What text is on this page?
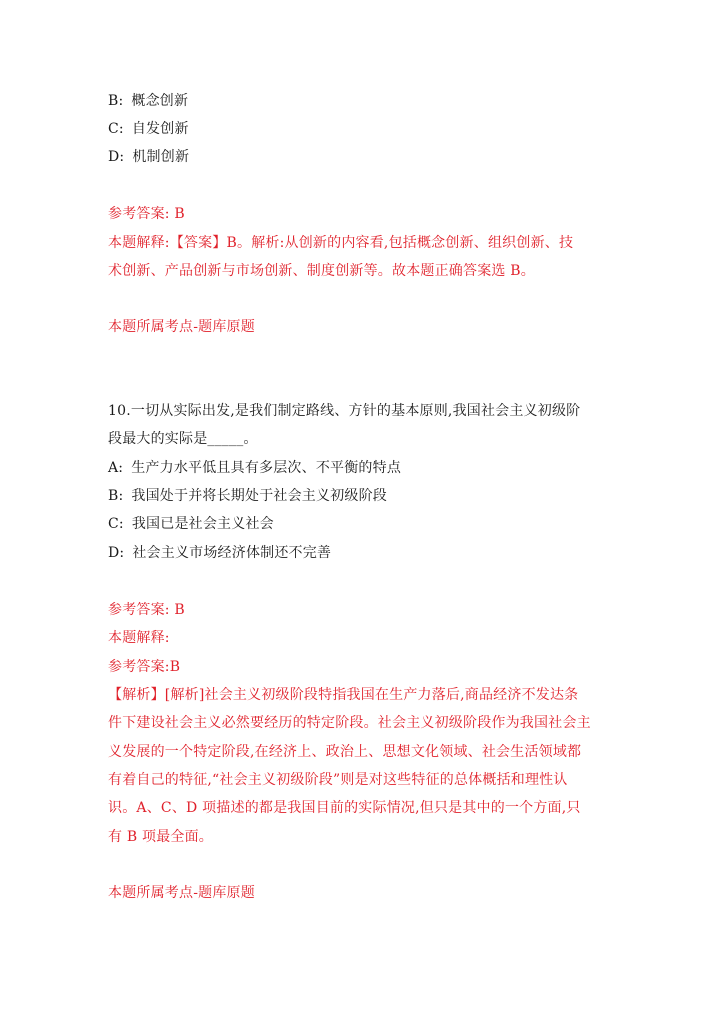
B: 概念创新
C: 自发创新
D: 机制创新
参考答案: B
本题解释:【答案】B。解析:从创新的内容看,包括概念创新、组织创新、技
术创新、产品创新与市场创新、制度创新等。故本题正确答案选 B。
本题所属考点-题库原题
10.一切从实际出发,是我们制定路线、方针的基本原则,我国社会主义初级阶
段最大的实际是_____。
A: 生产力水平低且具有多层次、不平衡的特点
B: 我国处于并将长期处于社会主义初级阶段
C: 我国已是社会主义社会
D: 社会主义市场经济体制还不完善
参考答案: B
本题解释:
参考答案:B
【解析】[解析]社会主义初级阶段特指我国在生产力落后,商品经济不发达条
件下建设社会主义必然要经历的特定阶段。社会主义初级阶段作为我国社会主
义发展的一个特定阶段,在经济上、政治上、思想文化领域、社会生活领域都
有着自己的特征,“社会主义初级阶段”则是对这些特征的总体概括和理性认
识。A、C、D 项描述的都是我国目前的实际情况,但只是其中的一个方面,只
有 B 项最全面。
本题所属考点-题库原题
